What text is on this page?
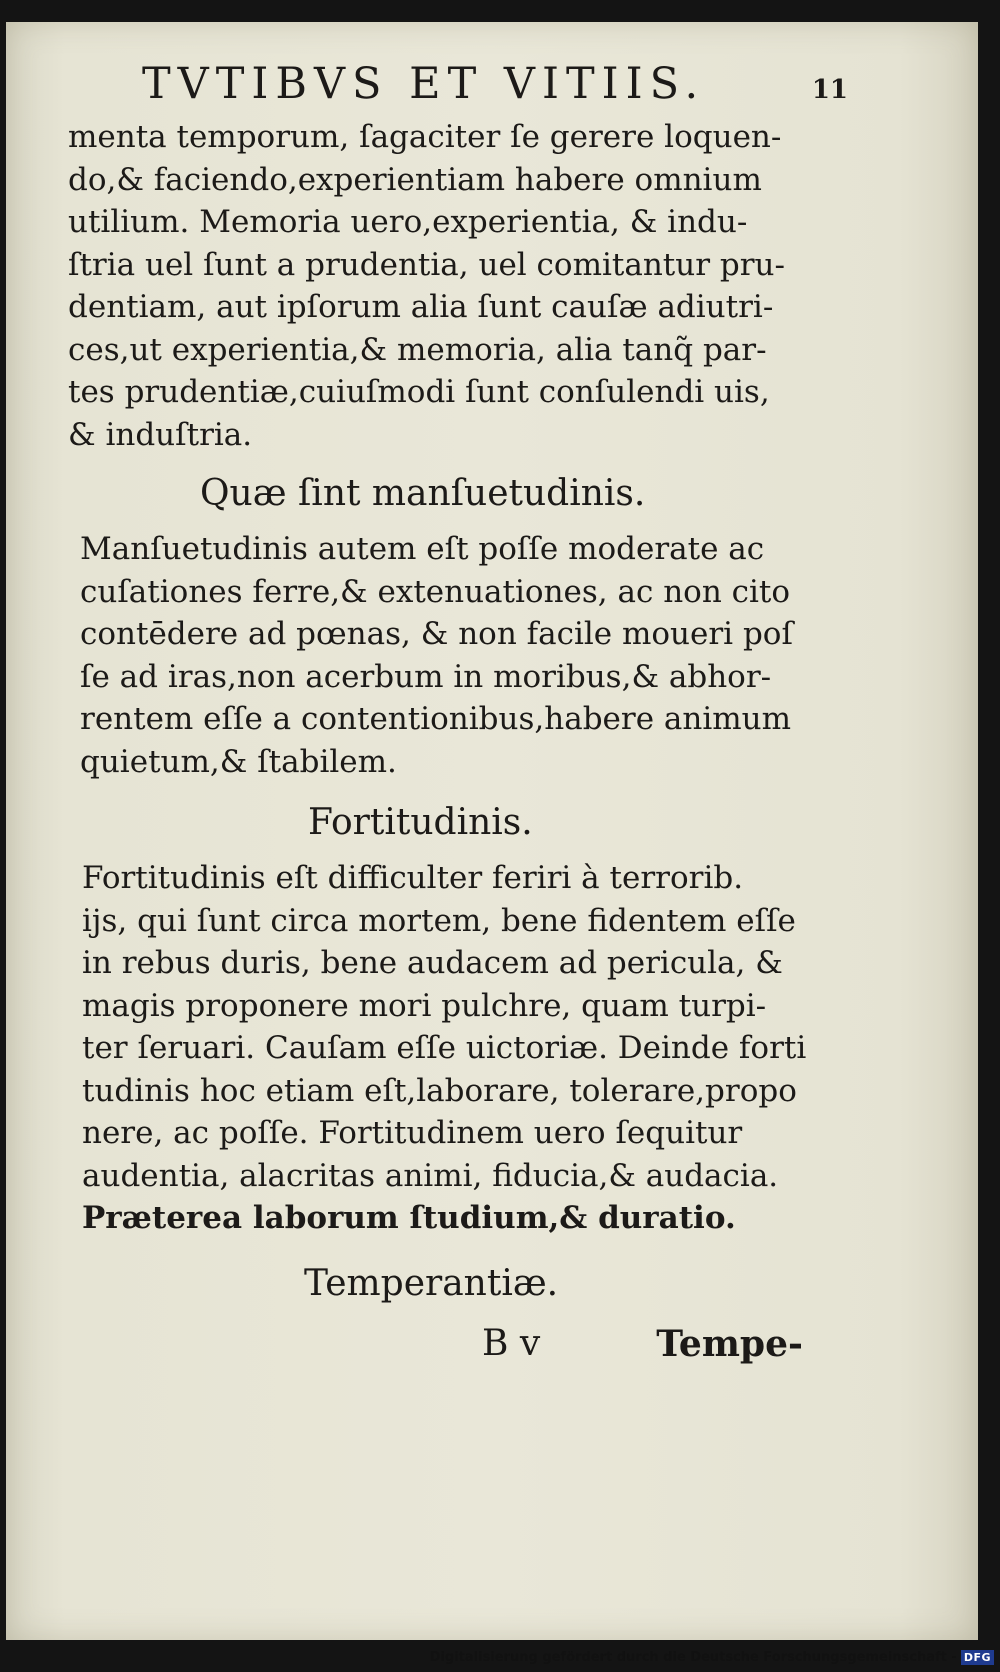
TVTIBVS ET VITIIS.	11
menta temporum, ſagaciter ſe gerere loquen-
do,& faciendo,experientiam habere omnium
utilium. Memoria uero,experientia, & indu-
ſtria uel ſunt a prudentia, uel comitantur pru-
dentiam, aut ipſorum alia ſunt cauſæ adiutri-
ces,ut experientia,& memoria, alia tanq̃ par-
tes prudentiæ,cuiuſmodi ſunt conſulendi uis,
& induſtria.
Quæ ſint manſuetudinis.
Manſuetudinis autem eſt poſſe moderate ac
cuſationes ferre,& extenuationes, ac non cito
contēdere ad pœnas, & non facile moueri poſ
ſe ad iras,non acerbum in moribus,& abhor-
rentem eſſe a contentionibus,habere animum
quietum,& ſtabilem.
Fortitudinis.
Fortitudinis eſt difficulter feriri à terrorib.
ijs, qui ſunt circa mortem, bene fidentem eſſe
in rebus duris, bene audacem ad pericula, &
magis proponere mori pulchre, quam turpi-
ter ſeruari. Cauſam eſſe uictoriæ. Deinde forti
tudinis hoc etiam eſt,laborare, tolerare,propo
nere, ac poſſe. Fortitudinem uero ſequitur
audentia, alacritas animi, fiducia,& audacia.
Præterea laborum ſtudium,& duratio.
Temperantiæ.
B v	Tempe-
Digitalisierung gefördert durch die Deutsche Forschungsgemeinschaft - DFG
